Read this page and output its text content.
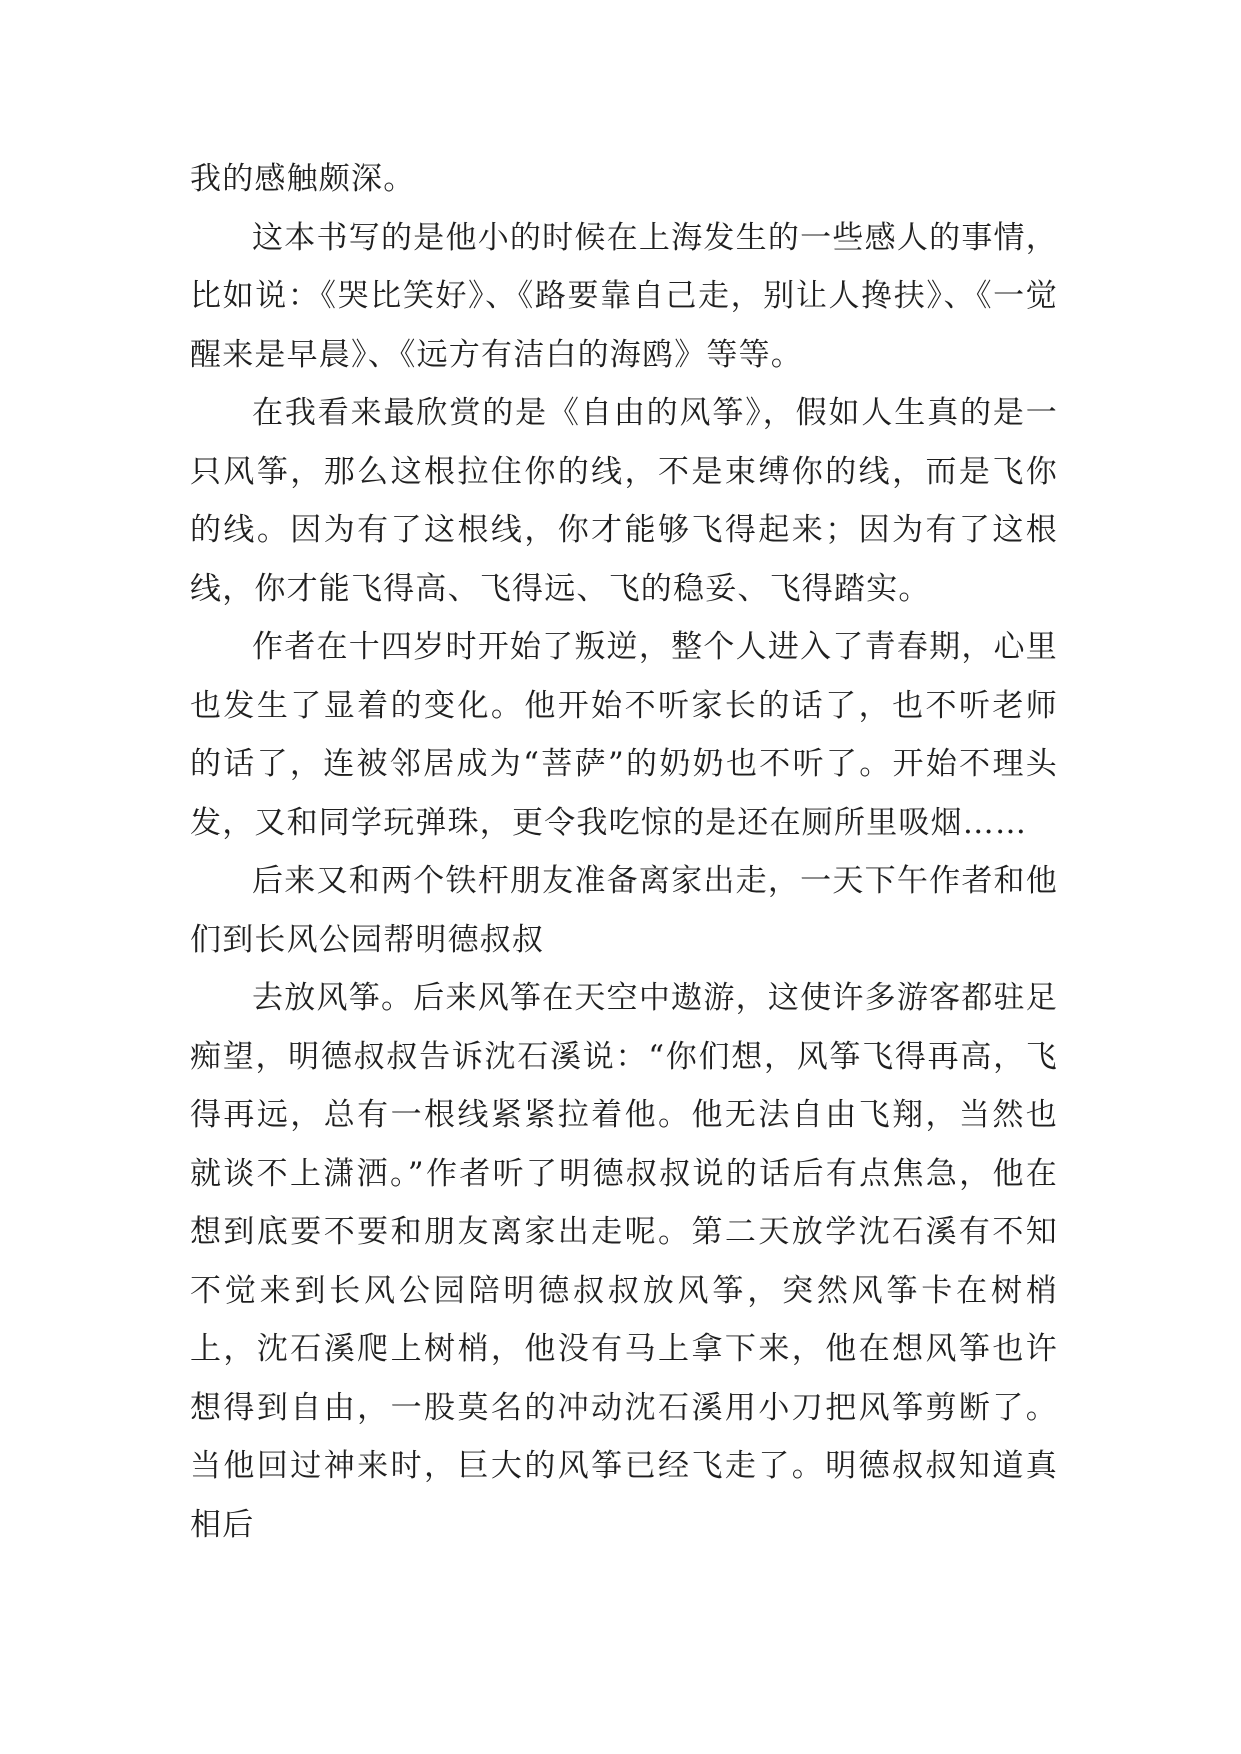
我的感触颇深。

这本书写的是他小的时候在上海发生的一些感人的事情，比如说：《哭比笑好》、《路要靠自己走，别让人搀扶》、《一觉醒来是早晨》、《远方有洁白的海鸥》等等。

在我看来最欣赏的是《自由的风筝》，假如人生真的是一只风筝，那么这根拉住你的线，不是束缚你的线，而是飞你的线。因为有了这根线，你才能够飞得起来；因为有了这根线，你才能飞得高、飞得远、飞的稳妥、飞得踏实。

作者在十四岁时开始了叛逆，整个人进入了青春期，心里也发生了显着的变化。他开始不听家长的话了，也不听老师的话了，连被邻居成为“菩萨”的奶奶也不听了。开始不理头发，又和同学玩弹珠，更令我吃惊的是还在厕所里吸烟……

后来又和两个铁杆朋友准备离家出走，一天下午作者和他们到长风公园帮明德叔叔

去放风筝。后来风筝在天空中遨游，这使许多游客都驻足痴望，明德叔叔告诉沈石溪说：“你们想，风筝飞得再高，飞得再远，总有一根线紧紧拉着他。他无法自由飞翔，当然也就谈不上潇洒。”作者听了明德叔叔说的话后有点焦急，他在想到底要不要和朋友离家出走呢。第二天放学沈石溪有不知不觉来到长风公园陪明德叔叔放风筝，突然风筝卡在树梢上，沈石溪爬上树梢，他没有马上拿下来，他在想风筝也许想得到自由，一股莫名的冲动沈石溪用小刀把风筝剪断了。当他回过神来时，巨大的风筝已经飞走了。明德叔叔知道真相后
